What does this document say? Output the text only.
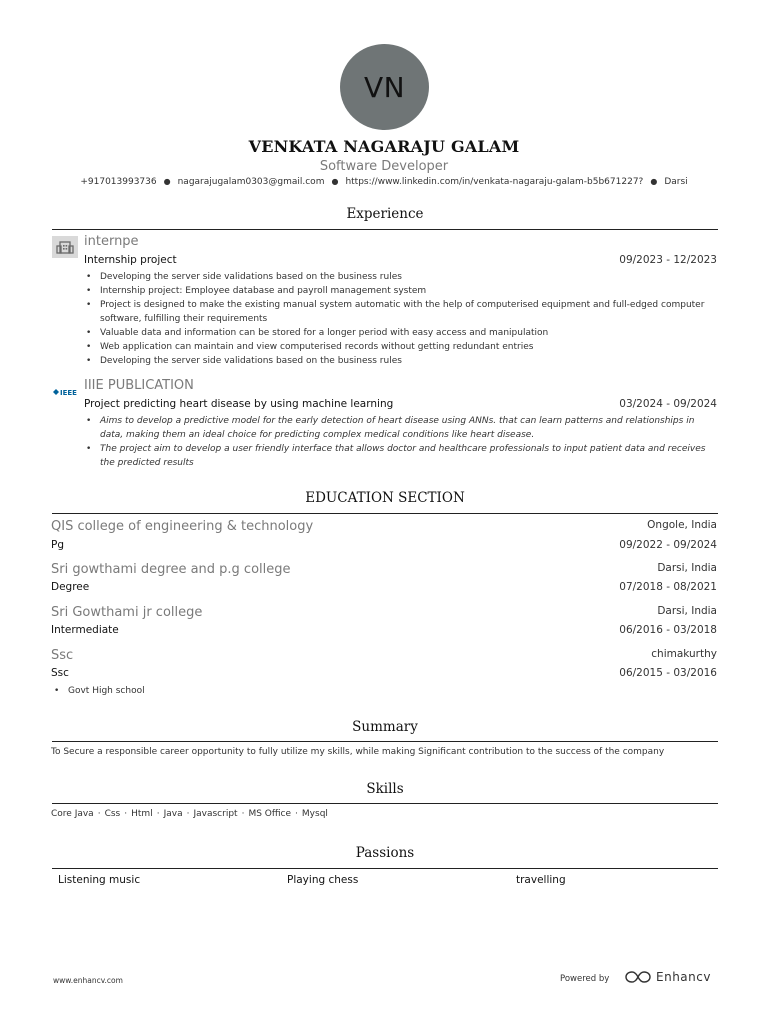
VN
VENKATA NAGARAJU GALAM
Software Developer
+917013993736 ● nagarajugalam0303@gmail.com ● https://www.linkedin.com/in/venkata-nagaraju-galam-b5b671227? ● Darsi
Experience
internpe
Internship project	09/2023 - 12/2023
• Developing the server side validations based on the business rules
• Internship project: Employee database and payroll management system
• Project is designed to make the existing manual system automatic with the help of computerised equipment and full-edged computer software, fulfilling their requirements
• Valuable data and information can be stored for a longer period with easy access and manipulation
• Web application can maintain and view computerised records without getting redundant entries
• Developing the server side validations based on the business rules
IEEE IIIE PUBLICATION
Project predicting heart disease by using machine learning	03/2024 - 09/2024
• Aims to develop a predictive model for the early detection of heart disease using ANNs. that can learn patterns and relationships in data, making them an ideal choice for predicting complex medical conditions like heart disease.
• The project aim to develop a user friendly interface that allows doctor and healthcare professionals to input patient data and receives the predicted results
EDUCATION SECTION
QIS college of engineering & technology	Ongole, India
Pg	09/2022 - 09/2024
Sri gowthami degree and p.g college	Darsi, India
Degree	07/2018 - 08/2021
Sri Gowthami jr college	Darsi, India
Intermediate	06/2016 - 03/2018
Ssc	chimakurthy
Ssc	06/2015 - 03/2016
• Govt High school
Summary
To Secure a responsible career opportunity to fully utilize my skills, while making Significant contribution to the success of the company
Skills
Core Java · Css · Html · Java · Javascript · MS Office · Mysql
Passions
Listening music	Playing chess	travelling
www.enhancv.com	Powered by	Enhancv
